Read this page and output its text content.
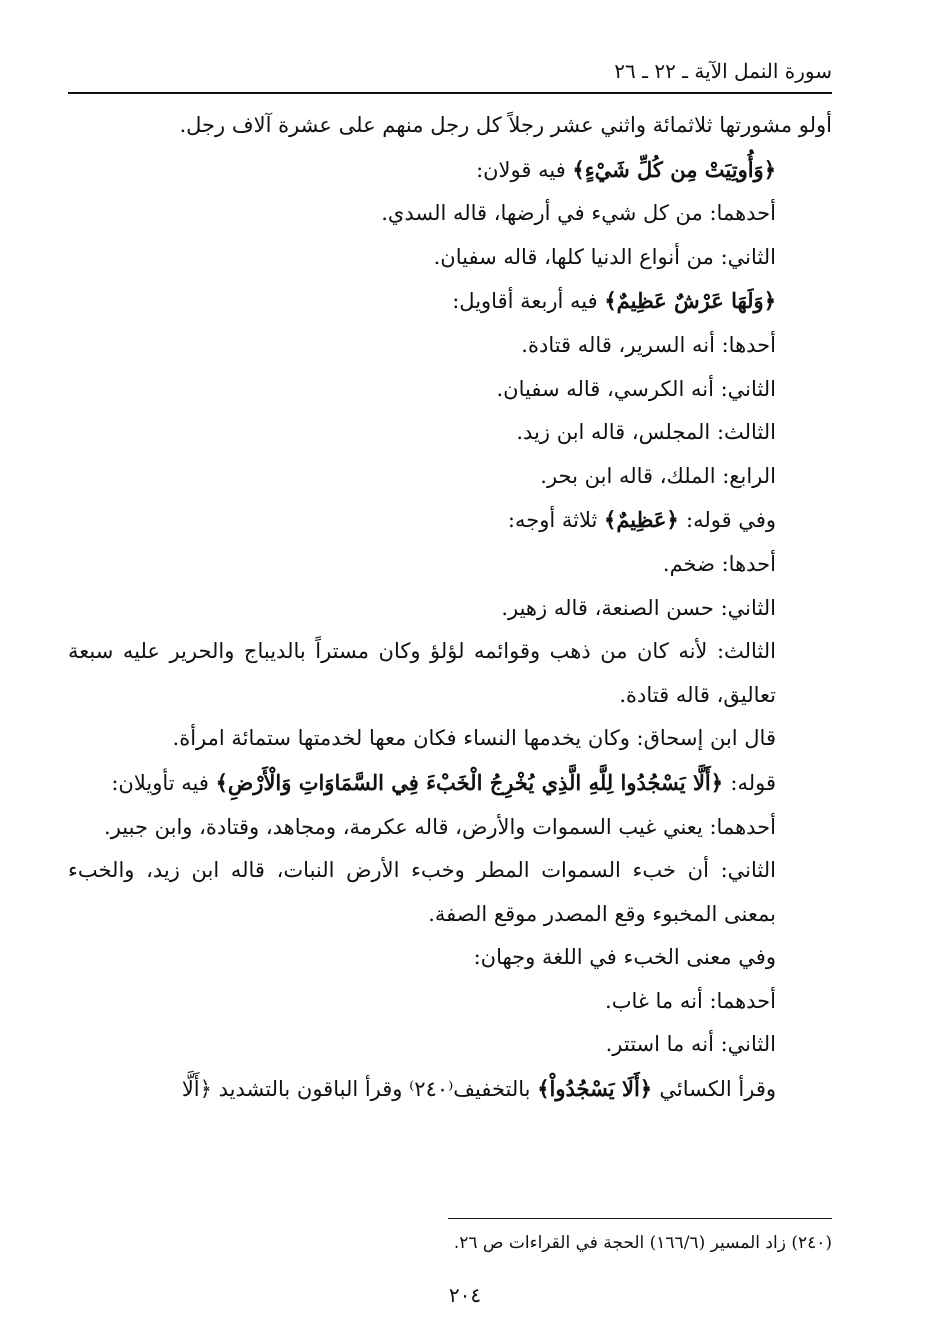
سورة النمل الآية ـ ٢٢ ـ ٢٦

أولو مشورتها ثلاثمائة واثني عشر رجلاً كل رجل منهم على عشرة آلاف رجل.

﴿وَأُوتِيَتْ مِن كُلِّ شَيْءٍ﴾ فيه قولان:

أحدهما: من كل شيء في أرضها، قاله السدي.

الثاني: من أنواع الدنيا كلها، قاله سفيان.

﴿وَلَهَا عَرْشٌ عَظِيمٌ﴾ فيه أربعة أقاويل:

أحدها: أنه السرير، قاله قتادة.

الثاني: أنه الكرسي، قاله سفيان.

الثالث: المجلس، قاله ابن زيد.

الرابع: الملك، قاله ابن بحر.

وفي قوله: ﴿عَظِيمٌ﴾ ثلاثة أوجه:

أحدها: ضخم.

الثاني: حسن الصنعة، قاله زهير.

الثالث: لأنه كان من ذهب وقوائمه لؤلؤ وكان مستراً بالديباج والحرير عليه سبعة تعاليق، قاله قتادة.

قال ابن إسحاق: وكان يخدمها النساء فكان معها لخدمتها ستمائة امرأة.

قوله: ﴿أَلَّا يَسْجُدُوا لِلَّهِ الَّذِي يُخْرِجُ الْخَبْءَ فِي السَّمَاوَاتِ وَالْأَرْضِ﴾ فيه تأويلان:

أحدهما: يعني غيب السموات والأرض، قاله عكرمة، ومجاهد، وقتادة، وابن جبير.

الثاني: أن خبء السموات المطر وخبء الأرض النبات، قاله ابن زيد، والخبء بمعنى المخبوء وقع المصدر موقع الصفة.

وفي معنى الخبء في اللغة وجهان:

أحدهما: أنه ما غاب.

الثاني: أنه ما استتر.

وقرأ الكسائي ﴿أَلَا يَسْجُدُواْ﴾ بالتخفيف⁽٢٤٠⁾ وقرأ الباقون بالتشديد ﴿أَلَّا

(٢٤٠) زاد المسير (١٦٦/٦) الحجة في القراءات ص ٢٦.
٢٠٤
